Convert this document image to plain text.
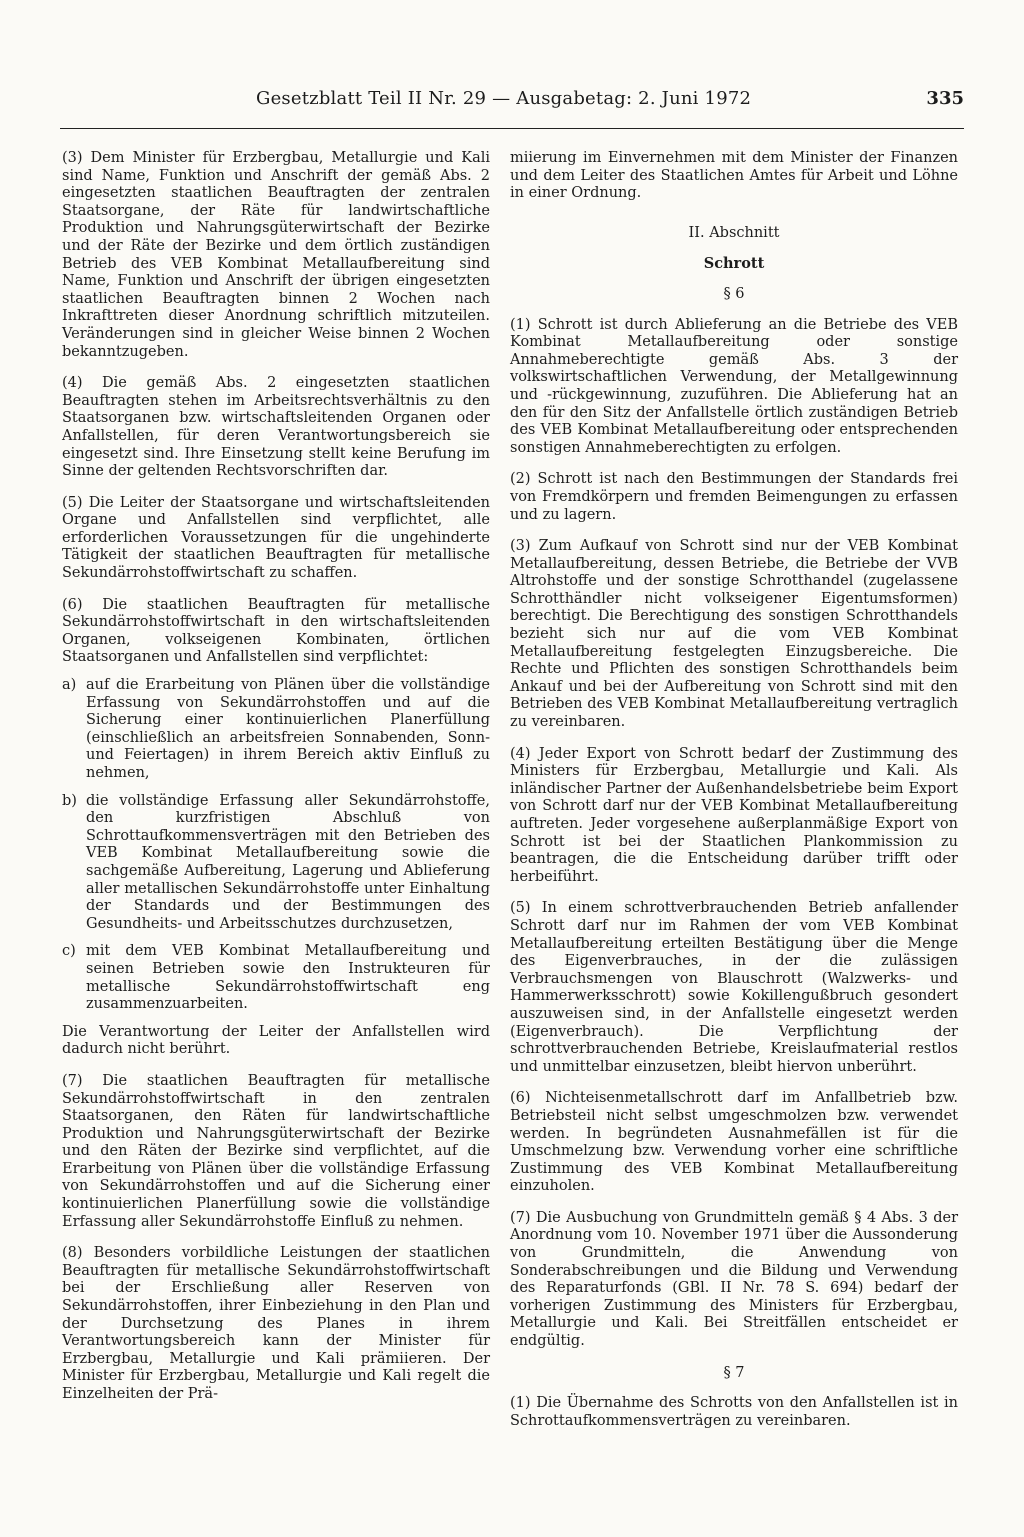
Gesetzblatt Teil II Nr. 29 — Ausgabetag: 2. Juni 1972	335

(3) Dem Minister für Erzbergbau, Metallurgie und Kali sind Name, Funktion und Anschrift der gemäß Abs. 2 eingesetzten staatlichen Beauftragten der zentralen Staatsorgane, der Räte für landwirtschaftliche Produktion und Nahrungsgüterwirtschaft der Bezirke und der Räte der Bezirke und dem örtlich zuständigen Betrieb des VEB Kombinat Metallaufbereitung sind Name, Funktion und Anschrift der übrigen eingesetzten staatlichen Beauftragten binnen 2 Wochen nach Inkrafttreten dieser Anordnung schriftlich mitzuteilen. Veränderungen sind in gleicher Weise binnen 2 Wochen bekanntzugeben.

(4) Die gemäß Abs. 2 eingesetzten staatlichen Beauftragten stehen im Arbeitsrechtsverhältnis zu den Staatsorganen bzw. wirtschaftsleitenden Organen oder Anfallstellen, für deren Verantwortungsbereich sie eingesetzt sind. Ihre Einsetzung stellt keine Berufung im Sinne der geltenden Rechtsvorschriften dar.

(5) Die Leiter der Staatsorgane und wirtschaftsleitenden Organe und Anfallstellen sind verpflichtet, alle erforderlichen Voraussetzungen für die ungehinderte Tätigkeit der staatlichen Beauftragten für metallische Sekundärrohstoffwirtschaft zu schaffen.

(6) Die staatlichen Beauftragten für metallische Sekundärrohstoffwirtschaft in den wirtschaftsleitenden Organen, volkseigenen Kombinaten, örtlichen Staatsorganen und Anfallstellen sind verpflichtet:

a) auf die Erarbeitung von Plänen über die vollständige Erfassung von Sekundärrohstoffen und auf die Sicherung einer kontinuierlichen Planerfüllung (einschließlich an arbeitsfreien Sonnabenden, Sonn- und Feiertagen) in ihrem Bereich aktiv Einfluß zu nehmen,
b) die vollständige Erfassung aller Sekundärrohstoffe, den kurzfristigen Abschluß von Schrottaufkommensverträgen mit den Betrieben des VEB Kombinat Metallaufbereitung sowie die sachgemäße Aufbereitung, Lagerung und Ablieferung aller metallischen Sekundärrohstoffe unter Einhaltung der Standards und der Bestimmungen des Gesundheits- und Arbeitsschutzes durchzusetzen,
c) mit dem VEB Kombinat Metallaufbereitung und seinen Betrieben sowie den Instrukteuren für metallische Sekundärrohstoffwirtschaft eng zusammenzuarbeiten.

Die Verantwortung der Leiter der Anfallstellen wird dadurch nicht berührt.

(7) Die staatlichen Beauftragten für metallische Sekundärrohstoffwirtschaft in den zentralen Staatsorganen, den Räten für landwirtschaftliche Produktion und Nahrungsgüterwirtschaft der Bezirke und den Räten der Bezirke sind verpflichtet, auf die Erarbeitung von Plänen über die vollständige Erfassung von Sekundärrohstoffen und auf die Sicherung einer kontinuierlichen Planerfüllung sowie die vollständige Erfassung aller Sekundärrohstoffe Einfluß zu nehmen.

(8) Besonders vorbildliche Leistungen der staatlichen Beauftragten für metallische Sekundärrohstoffwirtschaft bei der Erschließung aller Reserven von Sekundärrohstoffen, ihrer Einbeziehung in den Plan und der Durchsetzung des Planes in ihrem Verantwortungsbereich kann der Minister für Erzbergbau, Metallurgie und Kali prämiieren. Der Minister für Erzbergbau, Metallurgie und Kali regelt die Einzelheiten der Prä-

miierung im Einvernehmen mit dem Minister der Finanzen und dem Leiter des Staatlichen Amtes für Arbeit und Löhne in einer Ordnung.

II. Abschnitt
Schrott
§ 6

(1) Schrott ist durch Ablieferung an die Betriebe des VEB Kombinat Metallaufbereitung oder sonstige Annahmeberechtigte gemäß Abs. 3 der volkswirtschaftlichen Verwendung, der Metallgewinnung und -rückgewinnung, zuzuführen. Die Ablieferung hat an den für den Sitz der Anfallstelle örtlich zuständigen Betrieb des VEB Kombinat Metallaufbereitung oder entsprechenden sonstigen Annahmeberechtigten zu erfolgen.

(2) Schrott ist nach den Bestimmungen der Standards frei von Fremdkörpern und fremden Beimengungen zu erfassen und zu lagern.

(3) Zum Aufkauf von Schrott sind nur der VEB Kombinat Metallaufbereitung, dessen Betriebe, die Betriebe der VVB Altrohstoffe und der sonstige Schrotthandel (zugelassene Schrotthändler nicht volkseigener Eigentumsformen) berechtigt. Die Berechtigung des sonstigen Schrotthandels bezieht sich nur auf die vom VEB Kombinat Metallaufbereitung festgelegten Einzugsbereiche. Die Rechte und Pflichten des sonstigen Schrotthandels beim Ankauf und bei der Aufbereitung von Schrott sind mit den Betrieben des VEB Kombinat Metallaufbereitung vertraglich zu vereinbaren.

(4) Jeder Export von Schrott bedarf der Zustimmung des Ministers für Erzbergbau, Metallurgie und Kali. Als inländischer Partner der Außenhandelsbetriebe beim Export von Schrott darf nur der VEB Kombinat Metallaufbereitung auftreten. Jeder vorgesehene außerplanmäßige Export von Schrott ist bei der Staatlichen Plankommission zu beantragen, die die Entscheidung darüber trifft oder herbeiführt.

(5) In einem schrottverbrauchenden Betrieb anfallender Schrott darf nur im Rahmen der vom VEB Kombinat Metallaufbereitung erteilten Bestätigung über die Menge des Eigenverbrauches, in der die zulässigen Verbrauchsmengen von Blauschrott (Walzwerks- und Hammerwerksschrott) sowie Kokillengußbruch gesondert auszuweisen sind, in der Anfallstelle eingesetzt werden (Eigenverbrauch). Die Verpflichtung der schrottverbrauchenden Betriebe, Kreislaufmaterial restlos und unmittelbar einzusetzen, bleibt hiervon unberührt.

(6) Nichteisenmetallschrott darf im Anfallbetrieb bzw. Betriebsteil nicht selbst umgeschmolzen bzw. verwendet werden. In begründeten Ausnahmefällen ist für die Umschmelzung bzw. Verwendung vorher eine schriftliche Zustimmung des VEB Kombinat Metallaufbereitung einzuholen.

(7) Die Ausbuchung von Grundmitteln gemäß § 4 Abs. 3 der Anordnung vom 10. November 1971 über die Aussonderung von Grundmitteln, die Anwendung von Sonderabschreibungen und die Bildung und Verwendung des Reparaturfonds (GBl. II Nr. 78 S. 694) bedarf der vorherigen Zustimmung des Ministers für Erzbergbau, Metallurgie und Kali. Bei Streitfällen entscheidet er endgültig.

§ 7

(1) Die Übernahme des Schrotts von den Anfallstellen ist in Schrottaufkommensverträgen zu vereinbaren.
